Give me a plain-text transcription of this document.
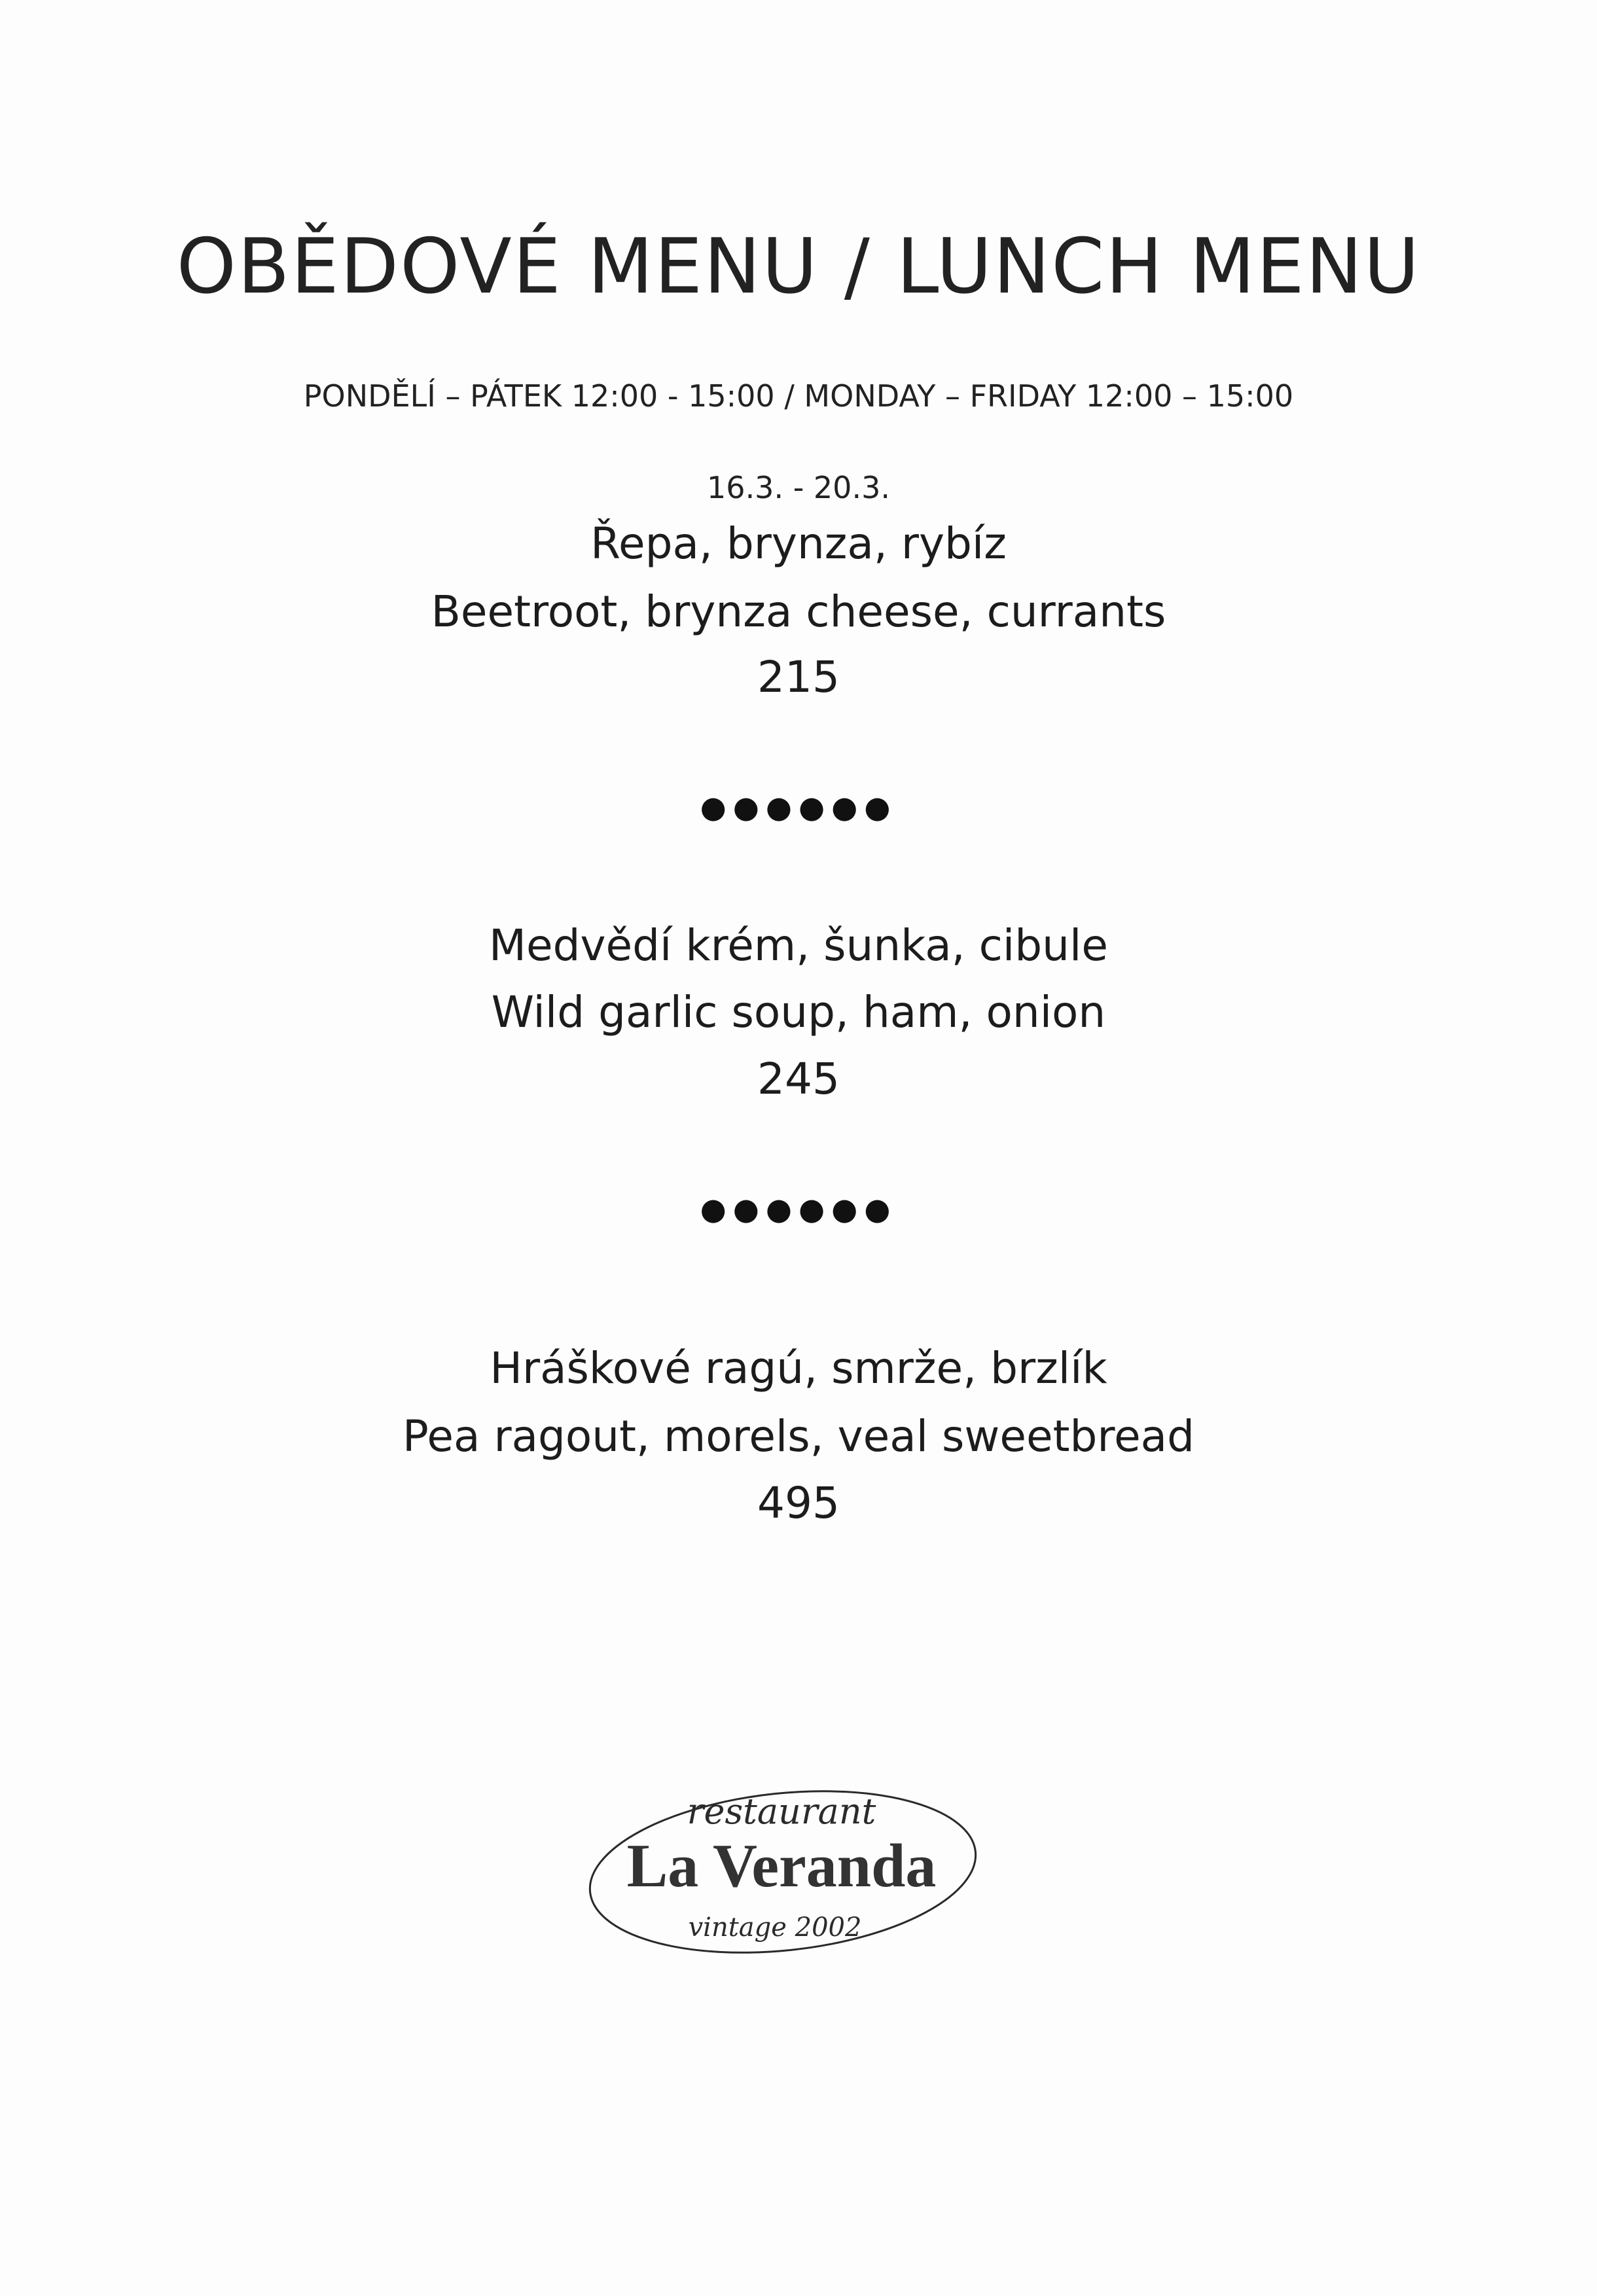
OBĚDOVÉ MENU / LUNCH MENU
PONDĚLÍ – PÁTEK 12:00 - 15:00 / MONDAY – FRIDAY 12:00 – 15:00
16.3. - 20.3.
Řepa, brynza, rybíz
Beetroot, brynza cheese, currants
215
●●●●●●
Medvědí krém, šunka, cibule
Wild garlic soup, ham, onion
245
●●●●●●
Hráškové ragú, smrže, brzlík
Pea ragout, morels, veal sweetbread
495
restaurant
La Veranda
vintage 2002
